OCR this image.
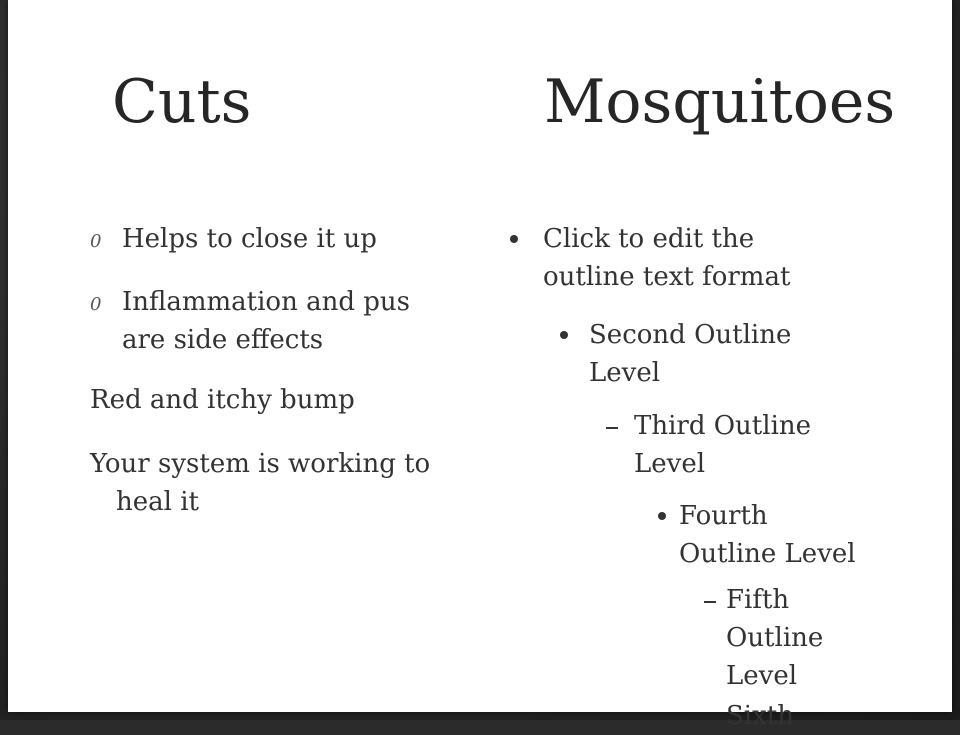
Cuts	Mosquitoes
0 Helps to close it up
0 Inflammation and pus are side effects
Red and itchy bump
Your system is working to heal it
Click to edit the outline text format
Second Outline Level
Third Outline Level
Fourth Outline Level
Fifth Outline Level
Sixth
